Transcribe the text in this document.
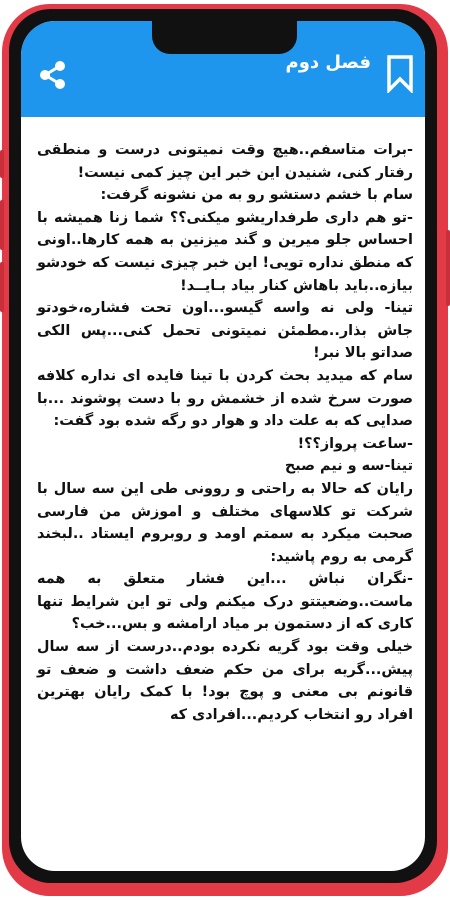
فصل دوم

-برات متاسفم..هیچ وقت نمیتونی درست و منطقی رفتار کنی، شنیدن این خبر این چیز کمی نیست!

سام با خشم دستشو رو به من نشونه گرفت:

-تو هم داری طرفداریشو میکنی؟؟ شما زنا همیشه با احساس جلو میرین و گند میزنین به همه کارها..اونی که منطق نداره تویی! این خبر چیزی نیست که خودشو بیازه..باید باهاش کنار بیاد بـایــد!

تینا- ولی نه واسه گیسو...اون تحت فشاره،خودتو جاش بذار..مطمئن نمیتونی تحمل کنی...پس الکی صداتو بالا نبر!

سام که میدید بحث کردن با تینا فایده ای نداره کلافه صورت سرخ شده از خشمش رو با دست پوشوند ...با صدایی که به علت داد و هوار دو رگه شده بود گفت:

-ساعت پرواز؟؟!

تینا-سه و نیم صبح

رایان که حالا به راحتی و روونی طی این سه سال با شرکت تو کلاسهای مختلف و اموزش من فارسی صحبت میکرد به سمتم اومد و روبروم ایستاد ..لبخند گرمی به روم پاشید:

-نگران نباش ...این فشار متعلق به همه ماست..وضعیتتو درک میکنم ولی تو این شرایط تنها کاری که از دستمون بر میاد ارامشه و بس...خب؟

خیلی وقت بود گریه نکرده بودم..درست از سه سال پیش...گریه برای من حکم ضعف داشت و ضعف تو قانونم بی معنی و پوچ بود! با کمک رایان بهترین افراد رو انتخاب کردیم...افرادی که
